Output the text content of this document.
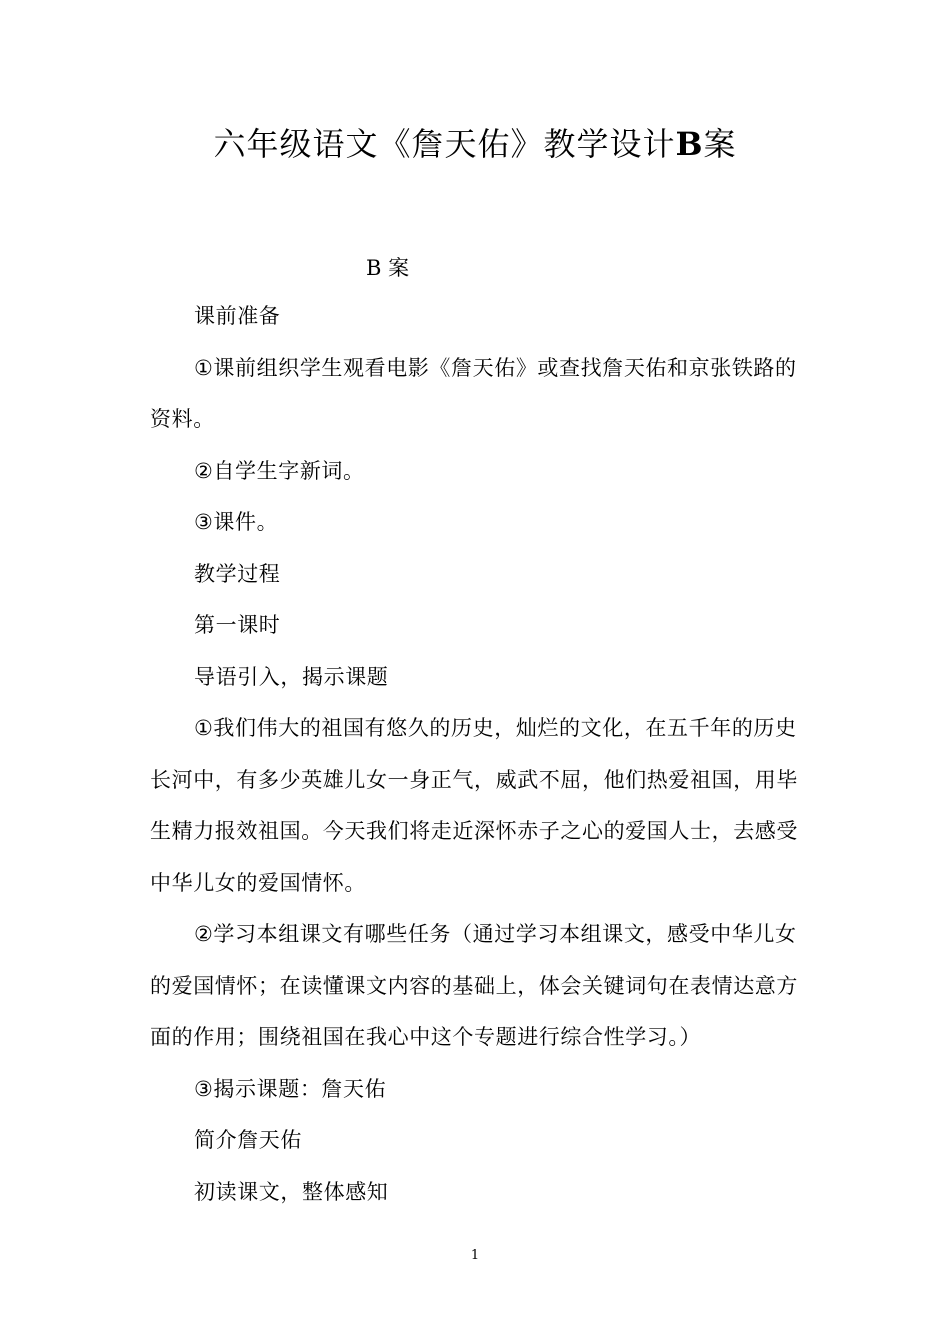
六年级语文《詹天佑》教学设计B案
B 案

课前准备

①课前组织学生观看电影《詹天佑》或查找詹天佑和京张铁路的资料。

②自学生字新词。

③课件。

教学过程

第一课时

导语引入，揭示课题

①我们伟大的祖国有悠久的历史，灿烂的文化，在五千年的历史长河中，有多少英雄儿女一身正气，威武不屈，他们热爱祖国，用毕生精力报效祖国。今天我们将走近深怀赤子之心的爱国人士，去感受中华儿女的爱国情怀。

②学习本组课文有哪些任务（通过学习本组课文，感受中华儿女的爱国情怀；在读懂课文内容的基础上，体会关键词句在表情达意方面的作用；围绕祖国在我心中这个专题进行综合性学习。）

③揭示课题：詹天佑

简介詹天佑

初读课文，整体感知

1
